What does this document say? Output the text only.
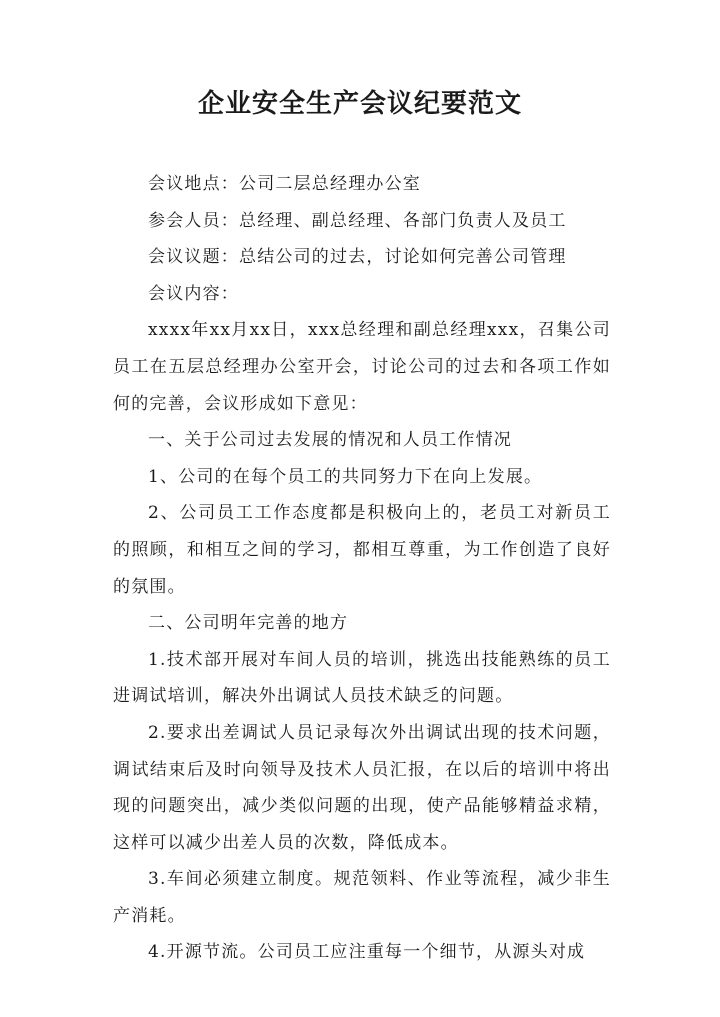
企业安全生产会议纪要范文

会议地点：公司二层总经理办公室

参会人员：总经理、副总经理、各部门负责人及员工

会议议题：总结公司的过去，讨论如何完善公司管理

会议内容：

xxxx年xx月xx日，xxx总经理和副总经理xxx，召集公司员工在五层总经理办公室开会，讨论公司的过去和各项工作如何的完善，会议形成如下意见：

一、关于公司过去发展的情况和人员工作情况

1、公司的在每个员工的共同努力下在向上发展。

2、公司员工工作态度都是积极向上的，老员工对新员工的照顾，和相互之间的学习，都相互尊重，为工作创造了良好的氛围。

二、公司明年完善的地方

1.技术部开展对车间人员的培训，挑选出技能熟练的员工进调试培训，解决外出调试人员技术缺乏的问题。

2.要求出差调试人员记录每次外出调试出现的技术问题，调试结束后及时向领导及技术人员汇报，在以后的培训中将出现的问题突出，减少类似问题的出现，使产品能够精益求精，这样可以减少出差人员的次数，降低成本。

3.车间必须建立制度。规范领料、作业等流程，减少非生产消耗。

4.开源节流。公司员工应注重每一个细节，从源头对成
